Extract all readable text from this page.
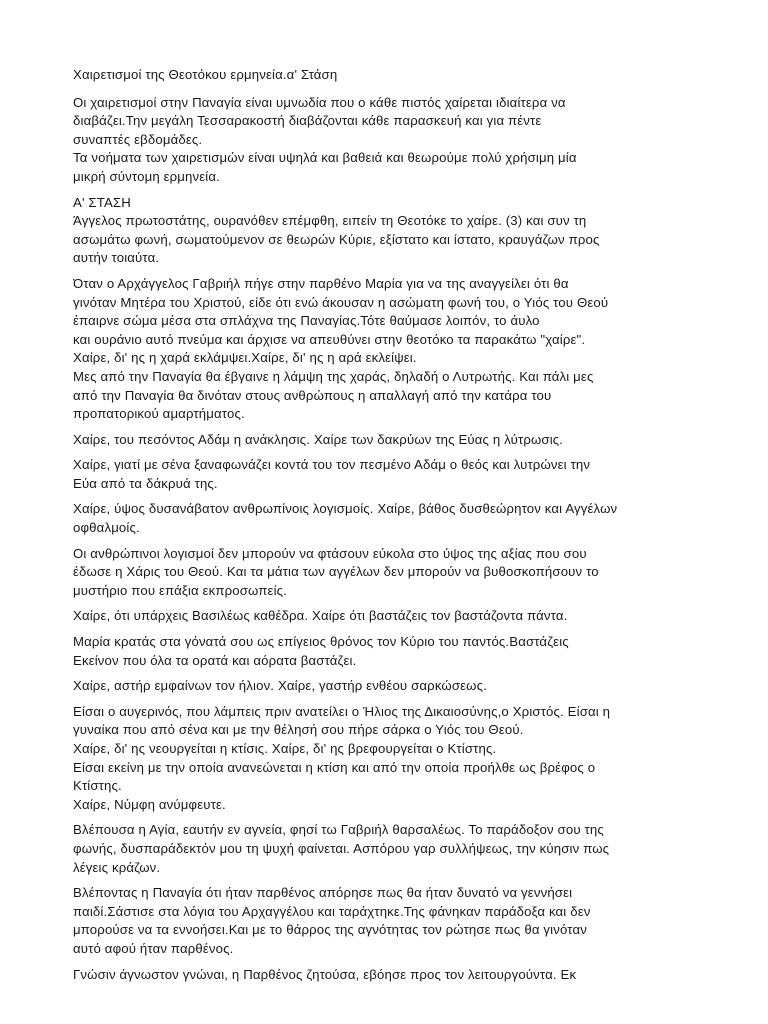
Χαιρετισμοί της Θεοτόκου ερμηνεία.α' Στάση
Οι χαιρετισμοί στην Παναγία είναι υμνωδία που ο κάθε πιστός χαίρεται ιδιαίτερα να
διαβάζει.Την μεγάλη Τεσσαρακοστή διαβάζονται κάθε παρασκευή και για πέντε
συναπτές εβδομάδες.
Τα νοήματα των χαιρετισμών είναι υψηλά και βαθειά και θεωρούμε πολύ χρήσιμη μία
μικρή σύντομη ερμηνεία.
Α' ΣΤΑΣΗ
Άγγελος πρωτοστάτης, ουρανόθεν επέμφθη, ειπείν τη Θεοτόκε το χαίρε. (3) και συν τη
ασωμάτω φωνή, σωματούμενον σε θεωρών Κύριε, εξίστατο και ίστατο, κραυγάζων προς
αυτήν τοιαύτα.
Όταν ο Αρχάγγελος Γαβριήλ πήγε στην παρθένο Μαρία για να της αναγγείλει ότι θα
γινόταν Μητέρα του Χριστού, είδε ότι ενώ άκουσαν η ασώματη φωνή του, ο Υιός του Θεού
έπαιρνε σώμα μέσα στα σπλάχνα της Παναγίας.Τότε θαύμασε λοιπόν, το άυλο
και ουράνιο αυτό πνεύμα και άρχισε να απευθύνει στην θεοτόκο τα παρακάτω "χαίρε".
Χαίρε, δι' ης η χαρά εκλάμψει.Χαίρε, δι' ης η αρά εκλείψει.
Μες από την Παναγία θα έβγαινε η λάμψη της χαράς, δηλαδή ο Λυτρωτής. Και πάλι μες
από την Παναγία θα δινόταν στους ανθρώπους η απαλλαγή από την κατάρα του
προπατορικού αμαρτήματος.
Χαίρε, του πεσόντος Αδάμ η ανάκλησις. Χαίρε των δακρύων της Εύας η λύτρωσις.
Χαίρε, γιατί με σένα ξαναφωνάζει κοντά του τον πεσμένο Αδάμ ο θεός και λυτρώνει την
Εύα από τα δάκρυά της.
Χαίρε, ύψος δυσανάβατον ανθρωπίνοις λογισμοίς. Χαίρε, βάθος δυσθεώρητον και Αγγέλων
οφθαλμοίς.
Οι ανθρώπινοι λογισμοί δεν μπορούν να φτάσουν εύκολα στο ύψος της αξίας που σου
έδωσε η Χάρις του Θεού. Και τα μάτια των αγγέλων δεν μπορούν να βυθοσκοπήσουν το
μυστήριο που επάξια εκπροσωπείς.
Χαίρε, ότι υπάρχεις Βασιλέως καθέδρα. Χαίρε ότι βαστάζεις τον βαστάζοντα πάντα.
Μαρία κρατάς στα γόνατά σου ως επίγειος θρόνος τον Κύριο του παντός.Βαστάζεις
Εκείνον που όλα τα ορατά και αόρατα βαστάζει.
Χαίρε, αστήρ εμφαίνων τον ήλιον. Χαίρε, γαστήρ ενθέου σαρκώσεως.
Είσαι ο αυγερινός, που λάμπεις πριν ανατείλει ο Ήλιος της Δικαιοσύνης,ο Χριστός. Είσαι η
γυναίκα που από σένα και με την θέλησή σου πήρε σάρκα ο Υιός του Θεού.
Χαίρε, δι' ης νεουργείται η κτίσις. Χαίρε, δι' ης βρεφουργείται ο Κτίστης.
Είσαι εκείνη με την οποία ανανεώνεται η κτίση και από την οποία προήλθε ως βρέφος ο
Κτίστης.
Χαίρε, Νύμφη ανύμφευτε.
Βλέπουσα η Αγία, εαυτήν εν αγνεία, φησί τω Γαβριήλ θαρσαλέως. Το παράδοξον σου της
φωνής, δυσπαράδεκτόν μου τη ψυχή φαίνεται. Ασπόρου γαρ συλλήψεως, την κύησιν πως
λέγεις κράζων.
Βλέποντας η Παναγία ότι ήταν παρθένος απόρησε πως θα ήταν δυνατό να γεννήσει
παιδί.Σάστισε στα λόγια του Αρχαγγέλου και ταράχτηκε.Της φάνηκαν παράδοξα και δεν
μπορούσε να τα εννοήσει.Και με το θάρρος της αγνότητας τον ρώτησε πως θα γινόταν
αυτό αφού ήταν παρθένος.
Γνώσιν άγνωστον γνώναι, η Παρθένος ζητούσα, εβόησε προς τον λειτουργούντα. Εκ
